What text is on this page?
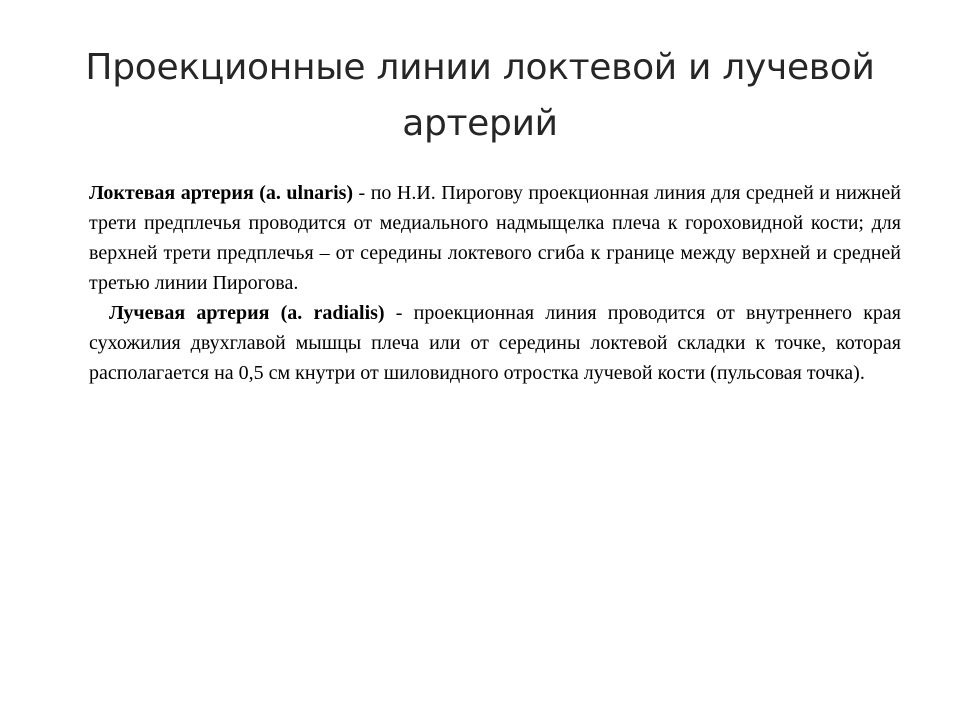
Проекционные линии локтевой и лучевой артерий

Локтевая артерия (a. ulnaris) - по Н.И. Пирогову проекционная линия для средней и нижней трети предплечья проводится от медиального надмыщелка плеча к гороховидной кости; для верхней трети предплечья – от середины локтевого сгиба к границе между верхней и средней третью линии Пирогова.

Лучевая артерия (a. radialis) - проекционная линия проводится от внутреннего края сухожилия двухглавой мышцы плеча или от середины локтевой складки к точке, которая располагается на 0,5 см кнутри от шиловидного отростка лучевой кости (пульсовая точка).
